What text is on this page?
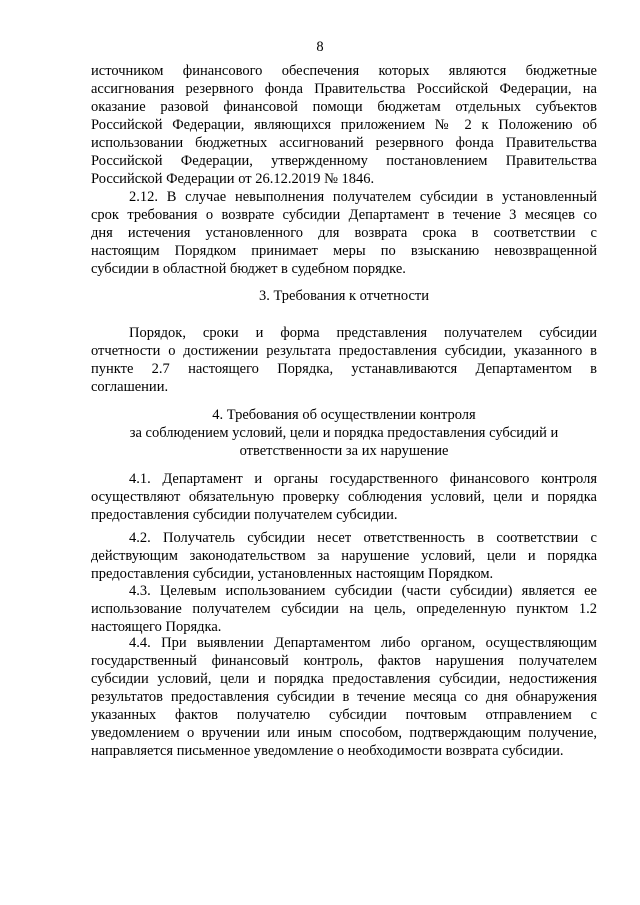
8
источником финансового обеспечения которых являются бюджетные
ассигнования резервного фонда Правительства Российской Федерации, на
оказание разовой финансовой помощи бюджетам отдельных субъектов
Российской Федерации, являющихся приложением № 2 к Положению об
использовании бюджетных ассигнований резервного фонда Правительства
Российской Федерации, утвержденному постановлением Правительства
Российской Федерации от 26.12.2019 № 1846.
2.12. В случае невыполнения получателем субсидии в установленный
срок требования о возврате субсидии Департамент в течение 3 месяцев со
дня истечения установленного для возврата срока в соответствии с
настоящим Порядком принимает меры по взысканию невозвращенной
субсидии в областной бюджет в судебном порядке.
3. Требования к отчетности
Порядок, сроки и форма представления получателем субсидии
отчетности о достижении результата предоставления субсидии, указанного в
пункте 2.7 настоящего Порядка, устанавливаются Департаментом в
соглашении.
4. Требования об осуществлении контроля
за соблюдением условий, цели и порядка предоставления субсидий и
ответственности за их нарушение
4.1. Департамент и органы государственного финансового контроля
осуществляют обязательную проверку соблюдения условий, цели и порядка
предоставления субсидии получателем субсидии.
4.2. Получатель субсидии несет ответственность в соответствии с
действующим законодательством за нарушение условий, цели и порядка
предоставления субсидии, установленных настоящим Порядком.
4.3. Целевым использованием субсидии (части субсидии) является ее
использование получателем субсидии на цель, определенную пунктом 1.2
настоящего Порядка.
4.4. При выявлении Департаментом либо органом, осуществляющим
государственный финансовый контроль, фактов нарушения получателем
субсидии условий, цели и порядка предоставления субсидии, недостижения
результатов предоставления субсидии в течение месяца со дня обнаружения
указанных фактов получателю субсидии почтовым отправлением с
уведомлением о вручении или иным способом, подтверждающим получение,
направляется письменное уведомление о необходимости возврата субсидии.
